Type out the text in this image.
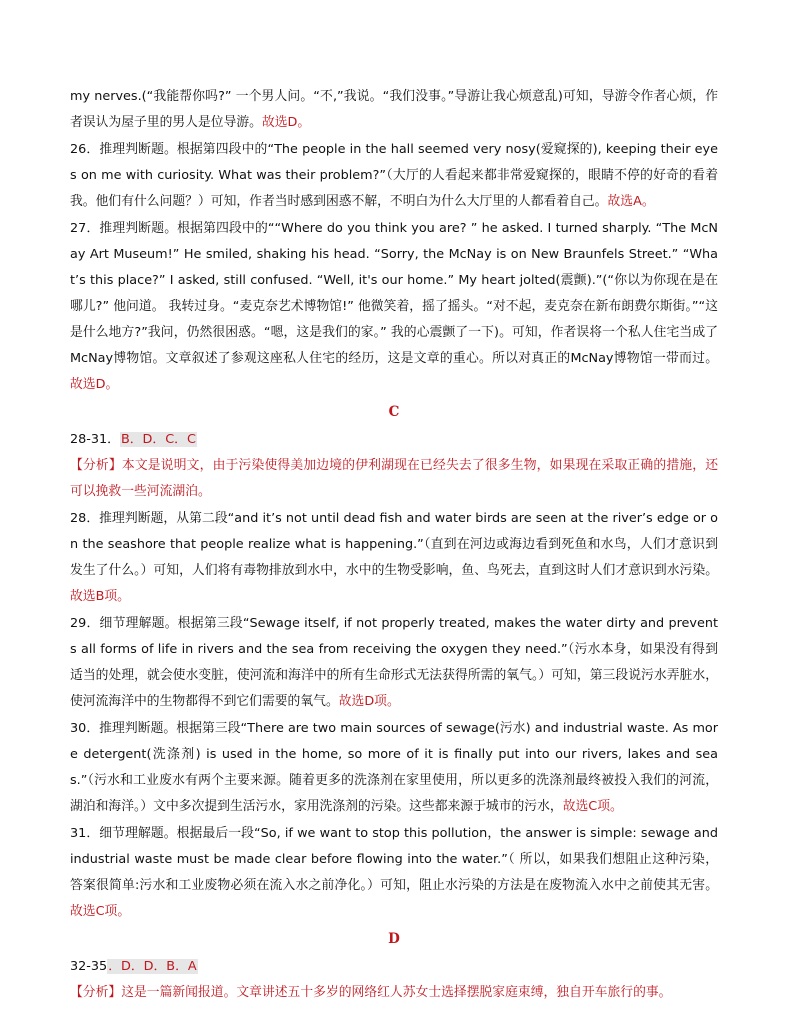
my nerves.(“我能帮你吗?” 一个男人问。“不,”我说。“我们没事。”导游让我心烦意乱)可知，导游令作者心烦，作者误认为屋子里的男人是位导游。故选D。

26．推理判断题。根据第四段中的“The people in the hall seemed very nosy(爱窥探的), keeping their eyes on me with curiosity. What was their problem?”（大厅的人看起来都非常爱窥探的，眼睛不停的好奇的看着我。他们有什么问题？）可知，作者当时感到困惑不解，不明白为什么大厅里的人都看着自己。故选A。

27．推理判断题。根据第四段中的““Where do you think you are? ” he asked. I turned sharply. “The McNay Art Museum!” He smiled, shaking his head. “Sorry, the McNay is on New Braunfels Street.” “What’s this place?” I asked, still confused. “Well, it's our home.” My heart jolted(震颤).”(“你以为你现在是在哪儿?” 他问道。 我转过身。“麦克奈艺术博物馆!” 他微笑着，摇了摇头。“对不起，麦克奈在新布朗费尔斯街。”“这是什么地方?”我问，仍然很困惑。“嗯，这是我们的家。” 我的心震颤了一下)。可知，作者误将一个私人住宅当成了McNay博物馆。文章叙述了参观这座私人住宅的经历，这是文章的重心。所以对真正的McNay博物馆一带而过。故选D。

C

28-31．B．D．C．C

【分析】本文是说明文，由于污染使得美加边境的伊利湖现在已经失去了很多生物，如果现在采取正确的措施，还可以挽救一些河流湖泊。

28．推理判断题，从第二段“and it’s not until dead fish and water birds are seen at the river’s edge or on the seashore that people realize what is happening.”（直到在河边或海边看到死鱼和水鸟，人们才意识到发生了什么。）可知，人们将有毒物排放到水中，水中的生物受影响，鱼、鸟死去，直到这时人们才意识到水污染。故选B项。

29．细节理解题。根据第三段“Sewage itself, if not properly treated, makes the water dirty and prevents all forms of life in rivers and the sea from receiving the oxygen they need.”（污水本身，如果没有得到适当的处理，就会使水变脏，使河流和海洋中的所有生命形式无法获得所需的氧气。）可知，第三段说污水弄脏水，使河流海洋中的生物都得不到它们需要的氧气。故选D项。

30．推理判断题。根据第三段“There are two main sources of sewage(污水) and industrial waste. As more detergent(洗涤剂) is used in the home, so more of it is finally put into our rivers, lakes and seas.”（污水和工业废水有两个主要来源。随着更多的洗涤剂在家里使用，所以更多的洗涤剂最终被投入我们的河流，湖泊和海洋。）文中多次提到生活污水，家用洗涤剂的污染。这些都来源于城市的污水，故选C项。

31．细节理解题。根据最后一段“So, if we want to stop this pollution，the answer is simple: sewage and industrial waste must be made clear before flowing into the water.”（ 所以，如果我们想阻止这种污染，答案很简单:污水和工业废物必须在流入水之前净化。）可知，阻止水污染的方法是在废物流入水中之前使其无害。故选C项。

D

32-35．D．D．B．A

【分析】这是一篇新闻报道。文章讲述五十多岁的网络红人苏女士选择摆脱家庭束缚，独自开车旅行的事。
